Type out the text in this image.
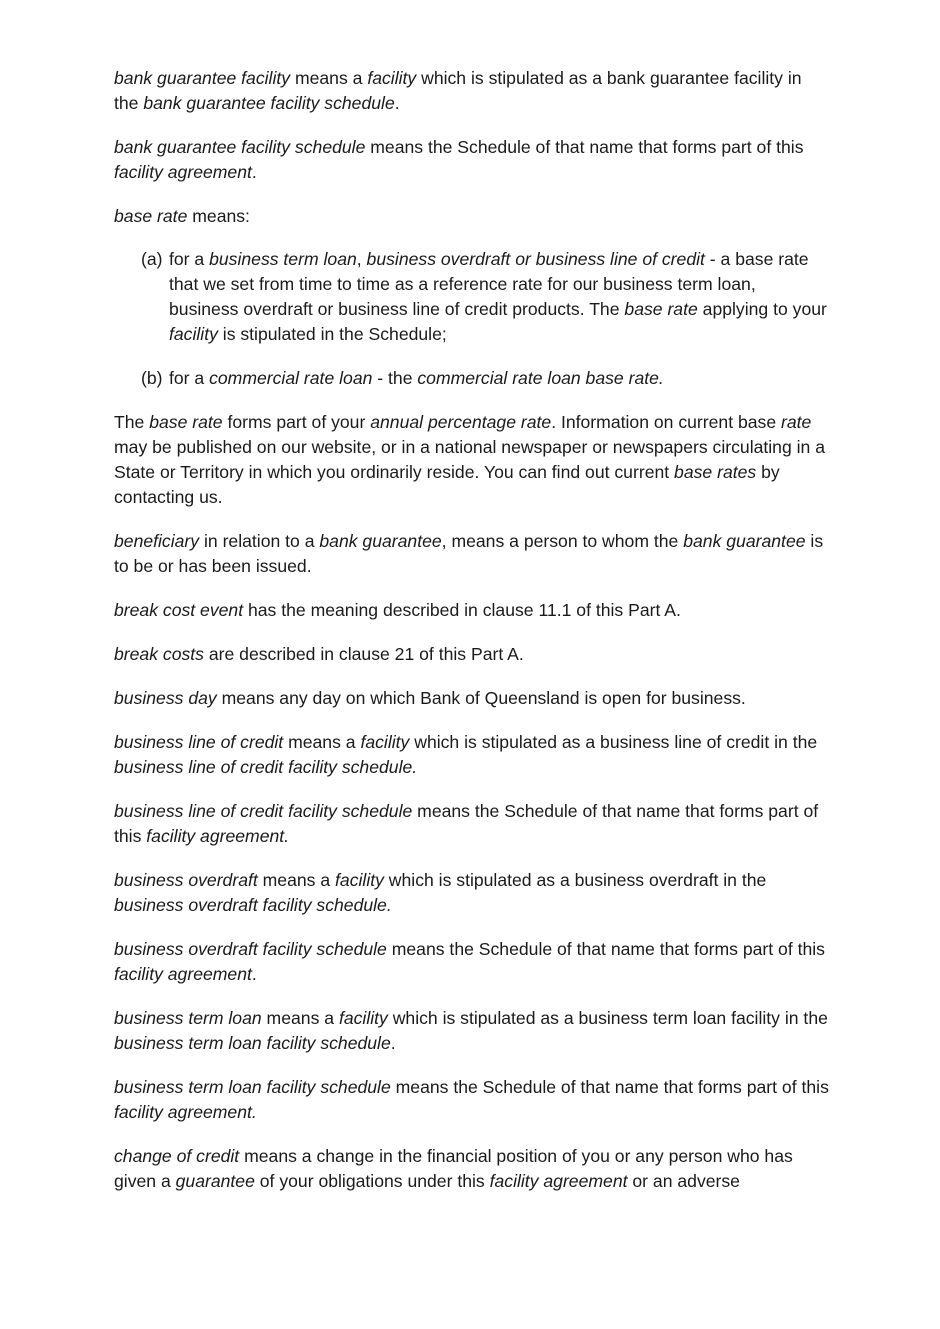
bank guarantee facility means a facility which is stipulated as a bank guarantee facility in the bank guarantee facility schedule.

bank guarantee facility schedule means the Schedule of that name that forms part of this facility agreement.

base rate means:

(a) for a business term loan, business overdraft or business line of credit - a base rate that we set from time to time as a reference rate for our business term loan, business overdraft or business line of credit products. The base rate applying to your facility is stipulated in the Schedule;
(b) for a commercial rate loan - the commercial rate loan base rate.

The base rate forms part of your annual percentage rate. Information on current base rate may be published on our website, or in a national newspaper or newspapers circulating in a State or Territory in which you ordinarily reside. You can find out current base rates by contacting us.

beneficiary in relation to a bank guarantee, means a person to whom the bank guarantee is to be or has been issued.

break cost event has the meaning described in clause 11.1 of this Part A.

break costs are described in clause 21 of this Part A.

business day means any day on which Bank of Queensland is open for business.

business line of credit means a facility which is stipulated as a business line of credit in the business line of credit facility schedule.

business line of credit facility schedule means the Schedule of that name that forms part of this facility agreement.

business overdraft means a facility which is stipulated as a business overdraft in the business overdraft facility schedule.

business overdraft facility schedule means the Schedule of that name that forms part of this facility agreement.

business term loan means a facility which is stipulated as a business term loan facility in the business term loan facility schedule.

business term loan facility schedule means the Schedule of that name that forms part of this facility agreement.

change of credit means a change in the financial position of you or any person who has given a guarantee of your obligations under this facility agreement or an adverse
